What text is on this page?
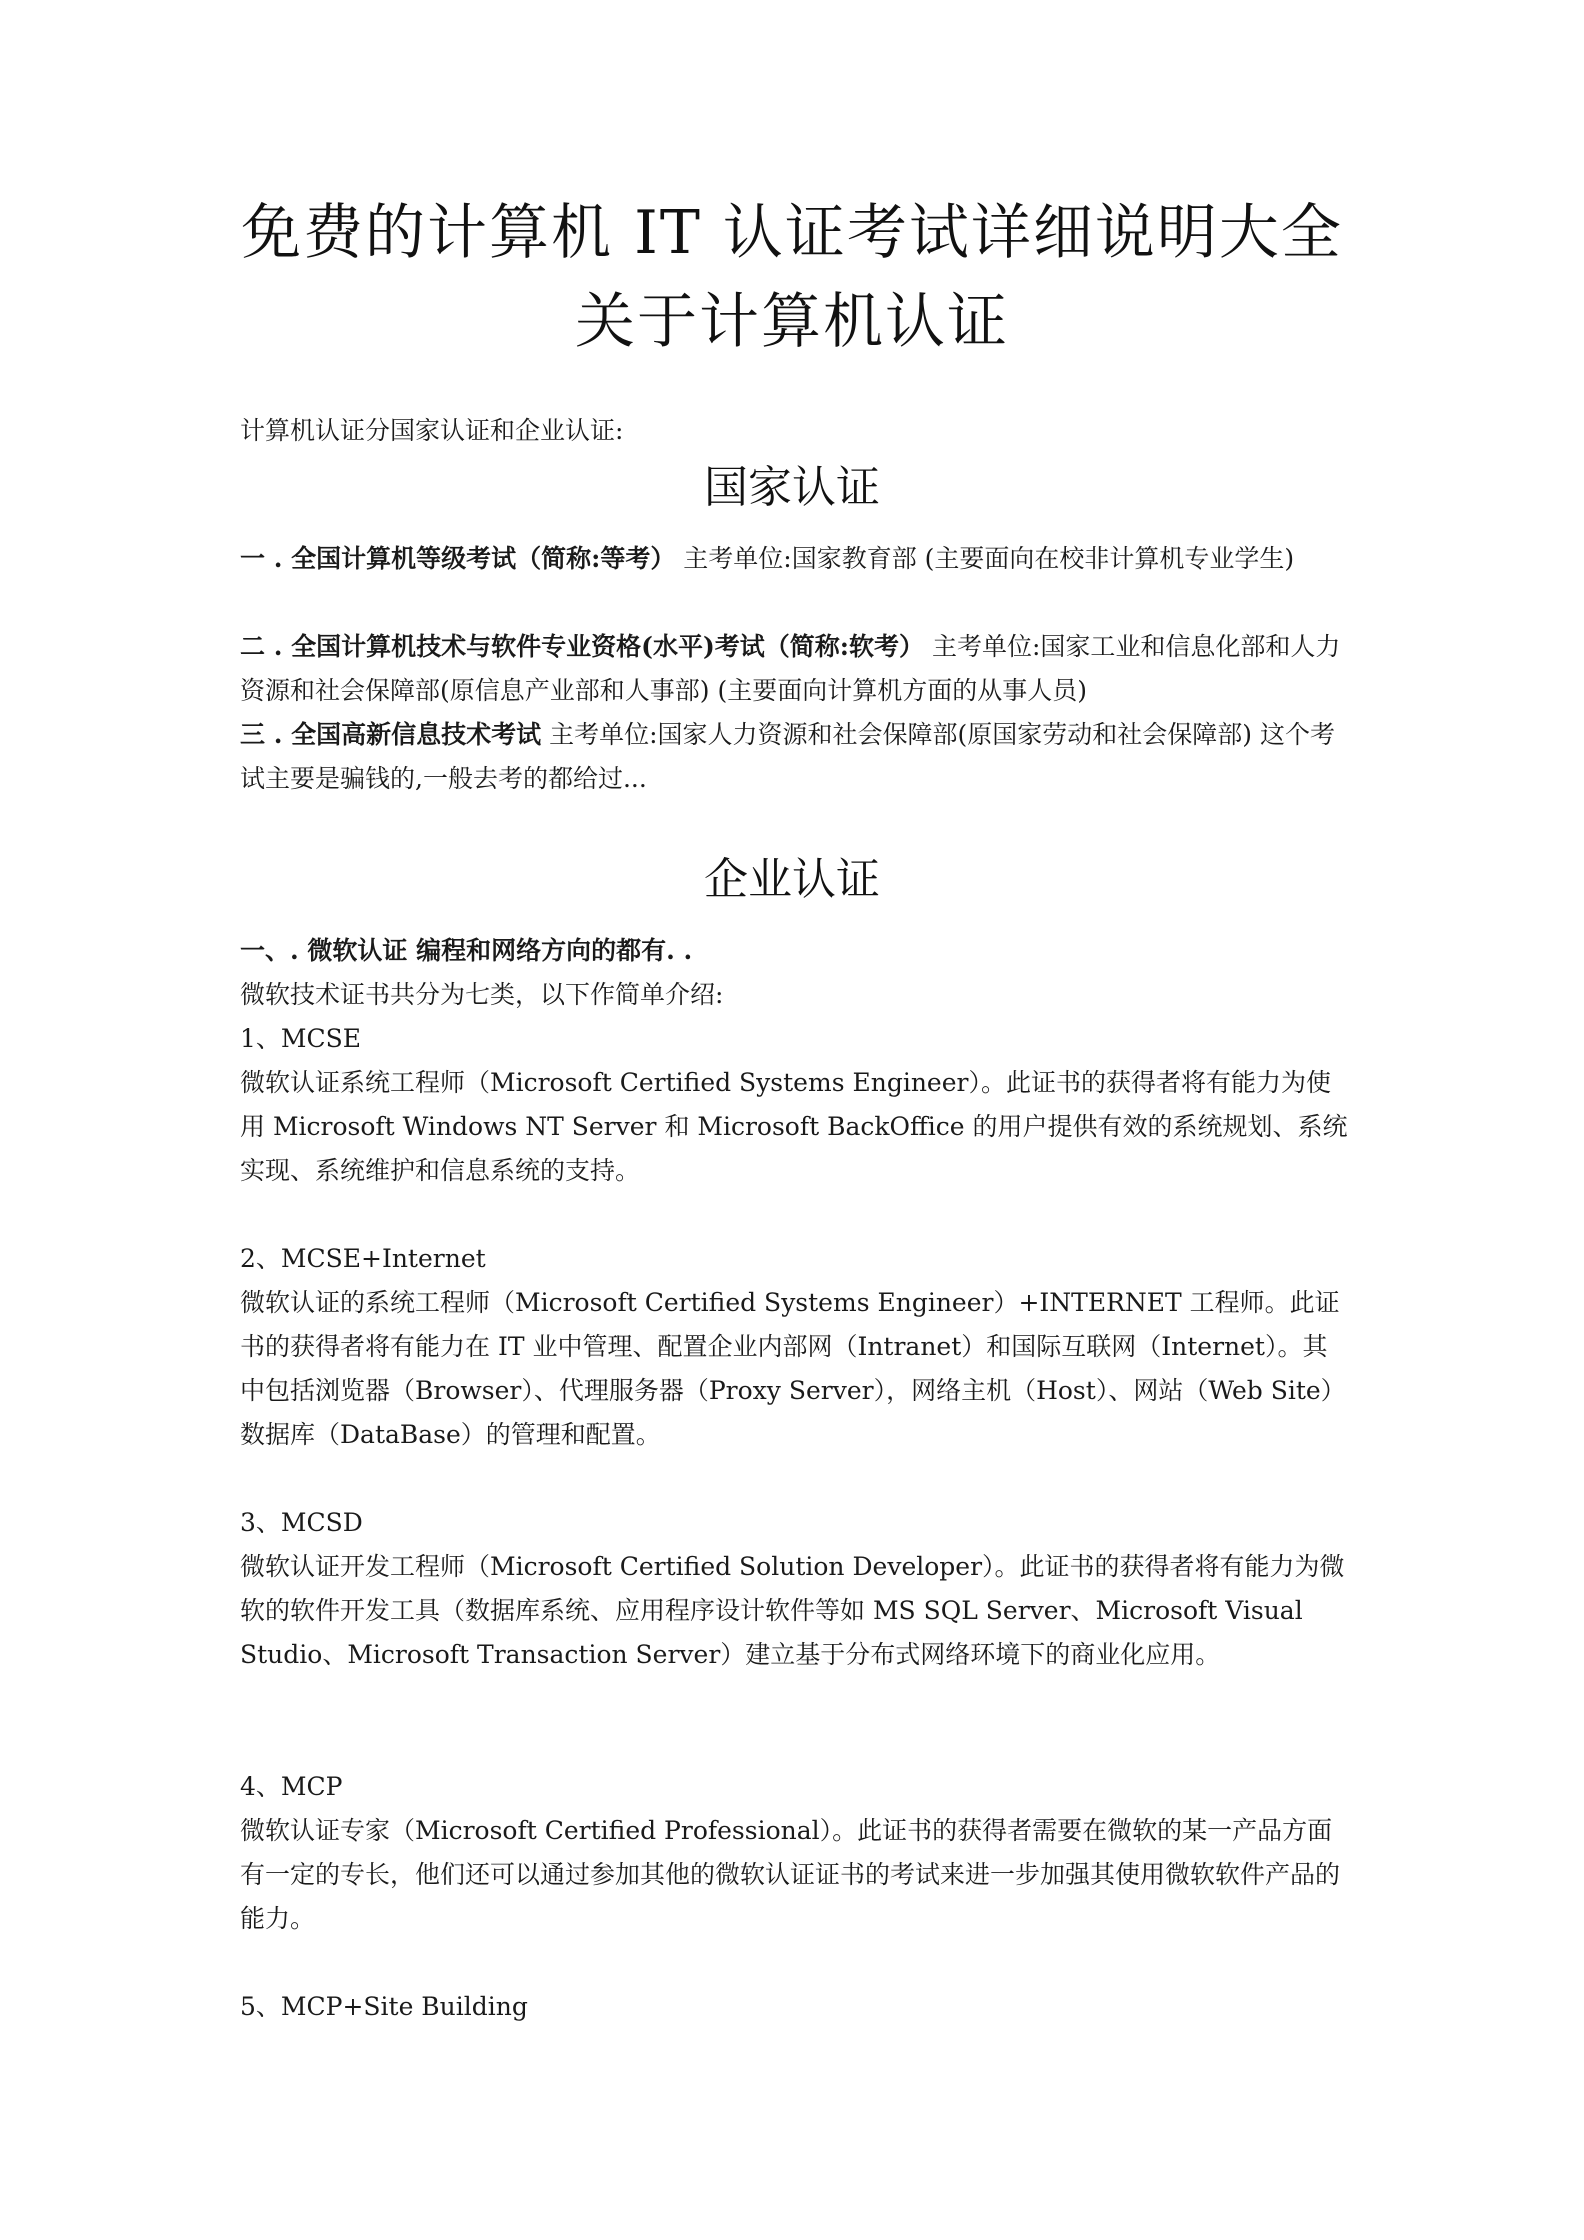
免费的计算机 IT 认证考试详细说明大全
关于计算机认证
计算机认证分国家认证和企业认证:
国家认证

一 . 全国计算机等级考试（简称:等考） 主考单位:国家教育部 (主要面向在校非计算机专业学生)

二 . 全国计算机技术与软件专业资格(水平)考试（简称:软考） 主考单位:国家工业和信息化部和人力资源和社会保障部(原信息产业部和人事部) (主要面向计算机方面的从事人员)

三 . 全国高新信息技术考试 主考单位:国家人力资源和社会保障部(原国家劳动和社会保障部) 这个考试主要是骗钱的,一般去考的都给过...

企业认证
一、. 微软认证 编程和网络方向的都有. .
微软技术证书共分为七类，以下作简单介绍:
1、MCSE

微软认证系统工程师（Microsoft Certified Systems Engineer）。此证书的获得者将有能力为使用 Microsoft Windows NT Server 和 Microsoft BackOffice 的用户提供有效的系统规划、系统实现、系统维护和信息系统的支持。

2、MCSE+Internet

微软认证的系统工程师（Microsoft Certified Systems Engineer）+INTERNET 工程师。此证书的获得者将有能力在 IT 业中管理、配置企业内部网（Intranet）和国际互联网（Internet）。其中包括浏览器（Browser）、代理服务器（Proxy Server），网络主机（Host）、网站（Web Site）数据库（DataBase）的管理和配置。

3、MCSD

微软认证开发工程师（Microsoft Certified Solution Developer）。此证书的获得者将有能力为微软的软件开发工具（数据库系统、应用程序设计软件等如 MS SQL Server、Microsoft Visual Studio、Microsoft Transaction Server）建立基于分布式网络环境下的商业化应用。

4、MCP

微软认证专家（Microsoft Certified Professional）。此证书的获得者需要在微软的某一产品方面有一定的专长，他们还可以通过参加其他的微软认证证书的考试来进一步加强其使用微软软件产品的能力。

5、MCP+Site Building
